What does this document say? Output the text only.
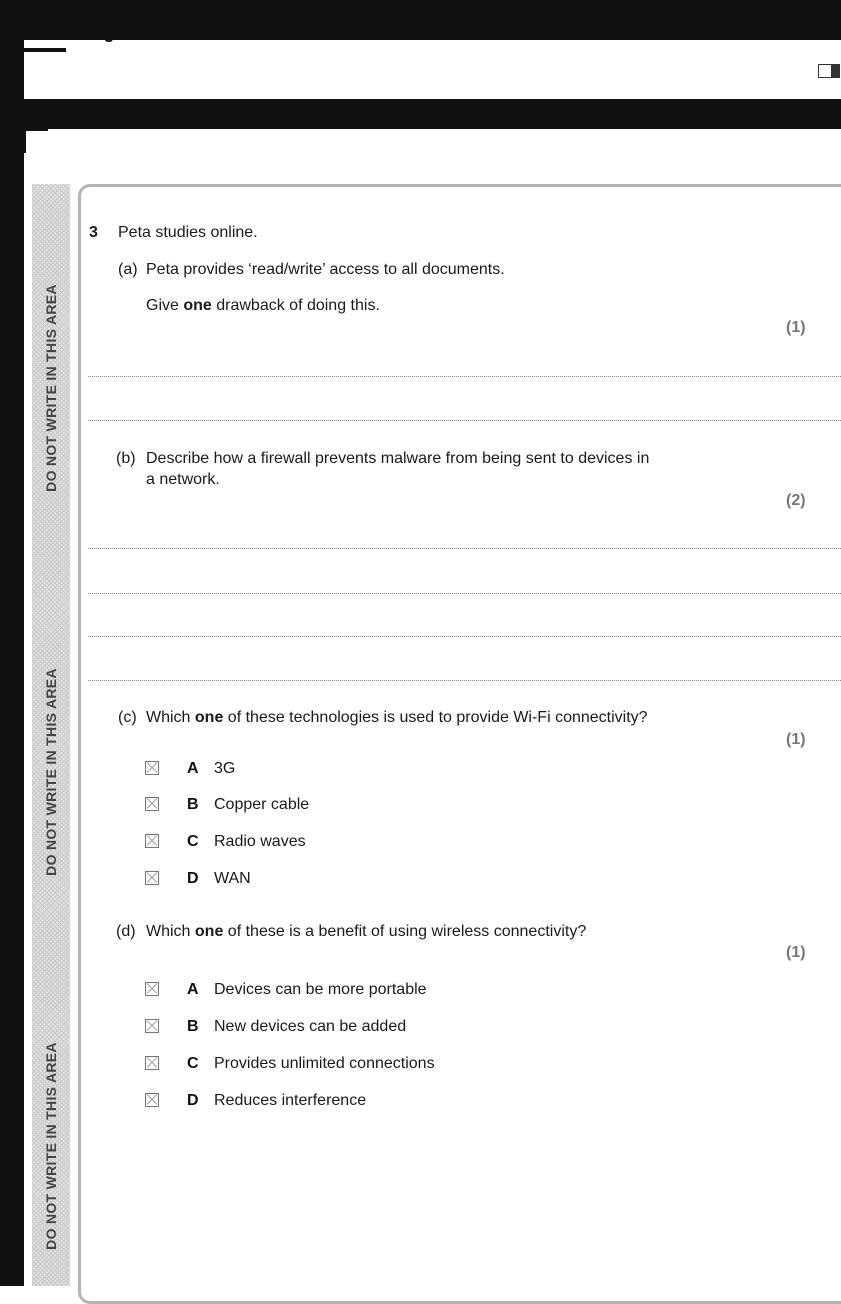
8
DO NOT WRITE IN THIS AREA
DO NOT WRITE IN THIS AREA
DO NOT WRITE IN THIS AREA
3 Peta studies online.
(a) Peta provides ‘read/write’ access to all documents.
Give one drawback of doing this.
(1)
(b) Describe how a firewall prevents malware from being sent to devices in
a network.
(2)
(c) Which one of these technologies is used to provide Wi-Fi connectivity?
(1)
A 3G
B Copper cable
C Radio waves
D WAN
(d) Which one of these is a benefit of using wireless connectivity?
(1)
A Devices can be more portable
B New devices can be added
C Provides unlimited connections
D Reduces interference
